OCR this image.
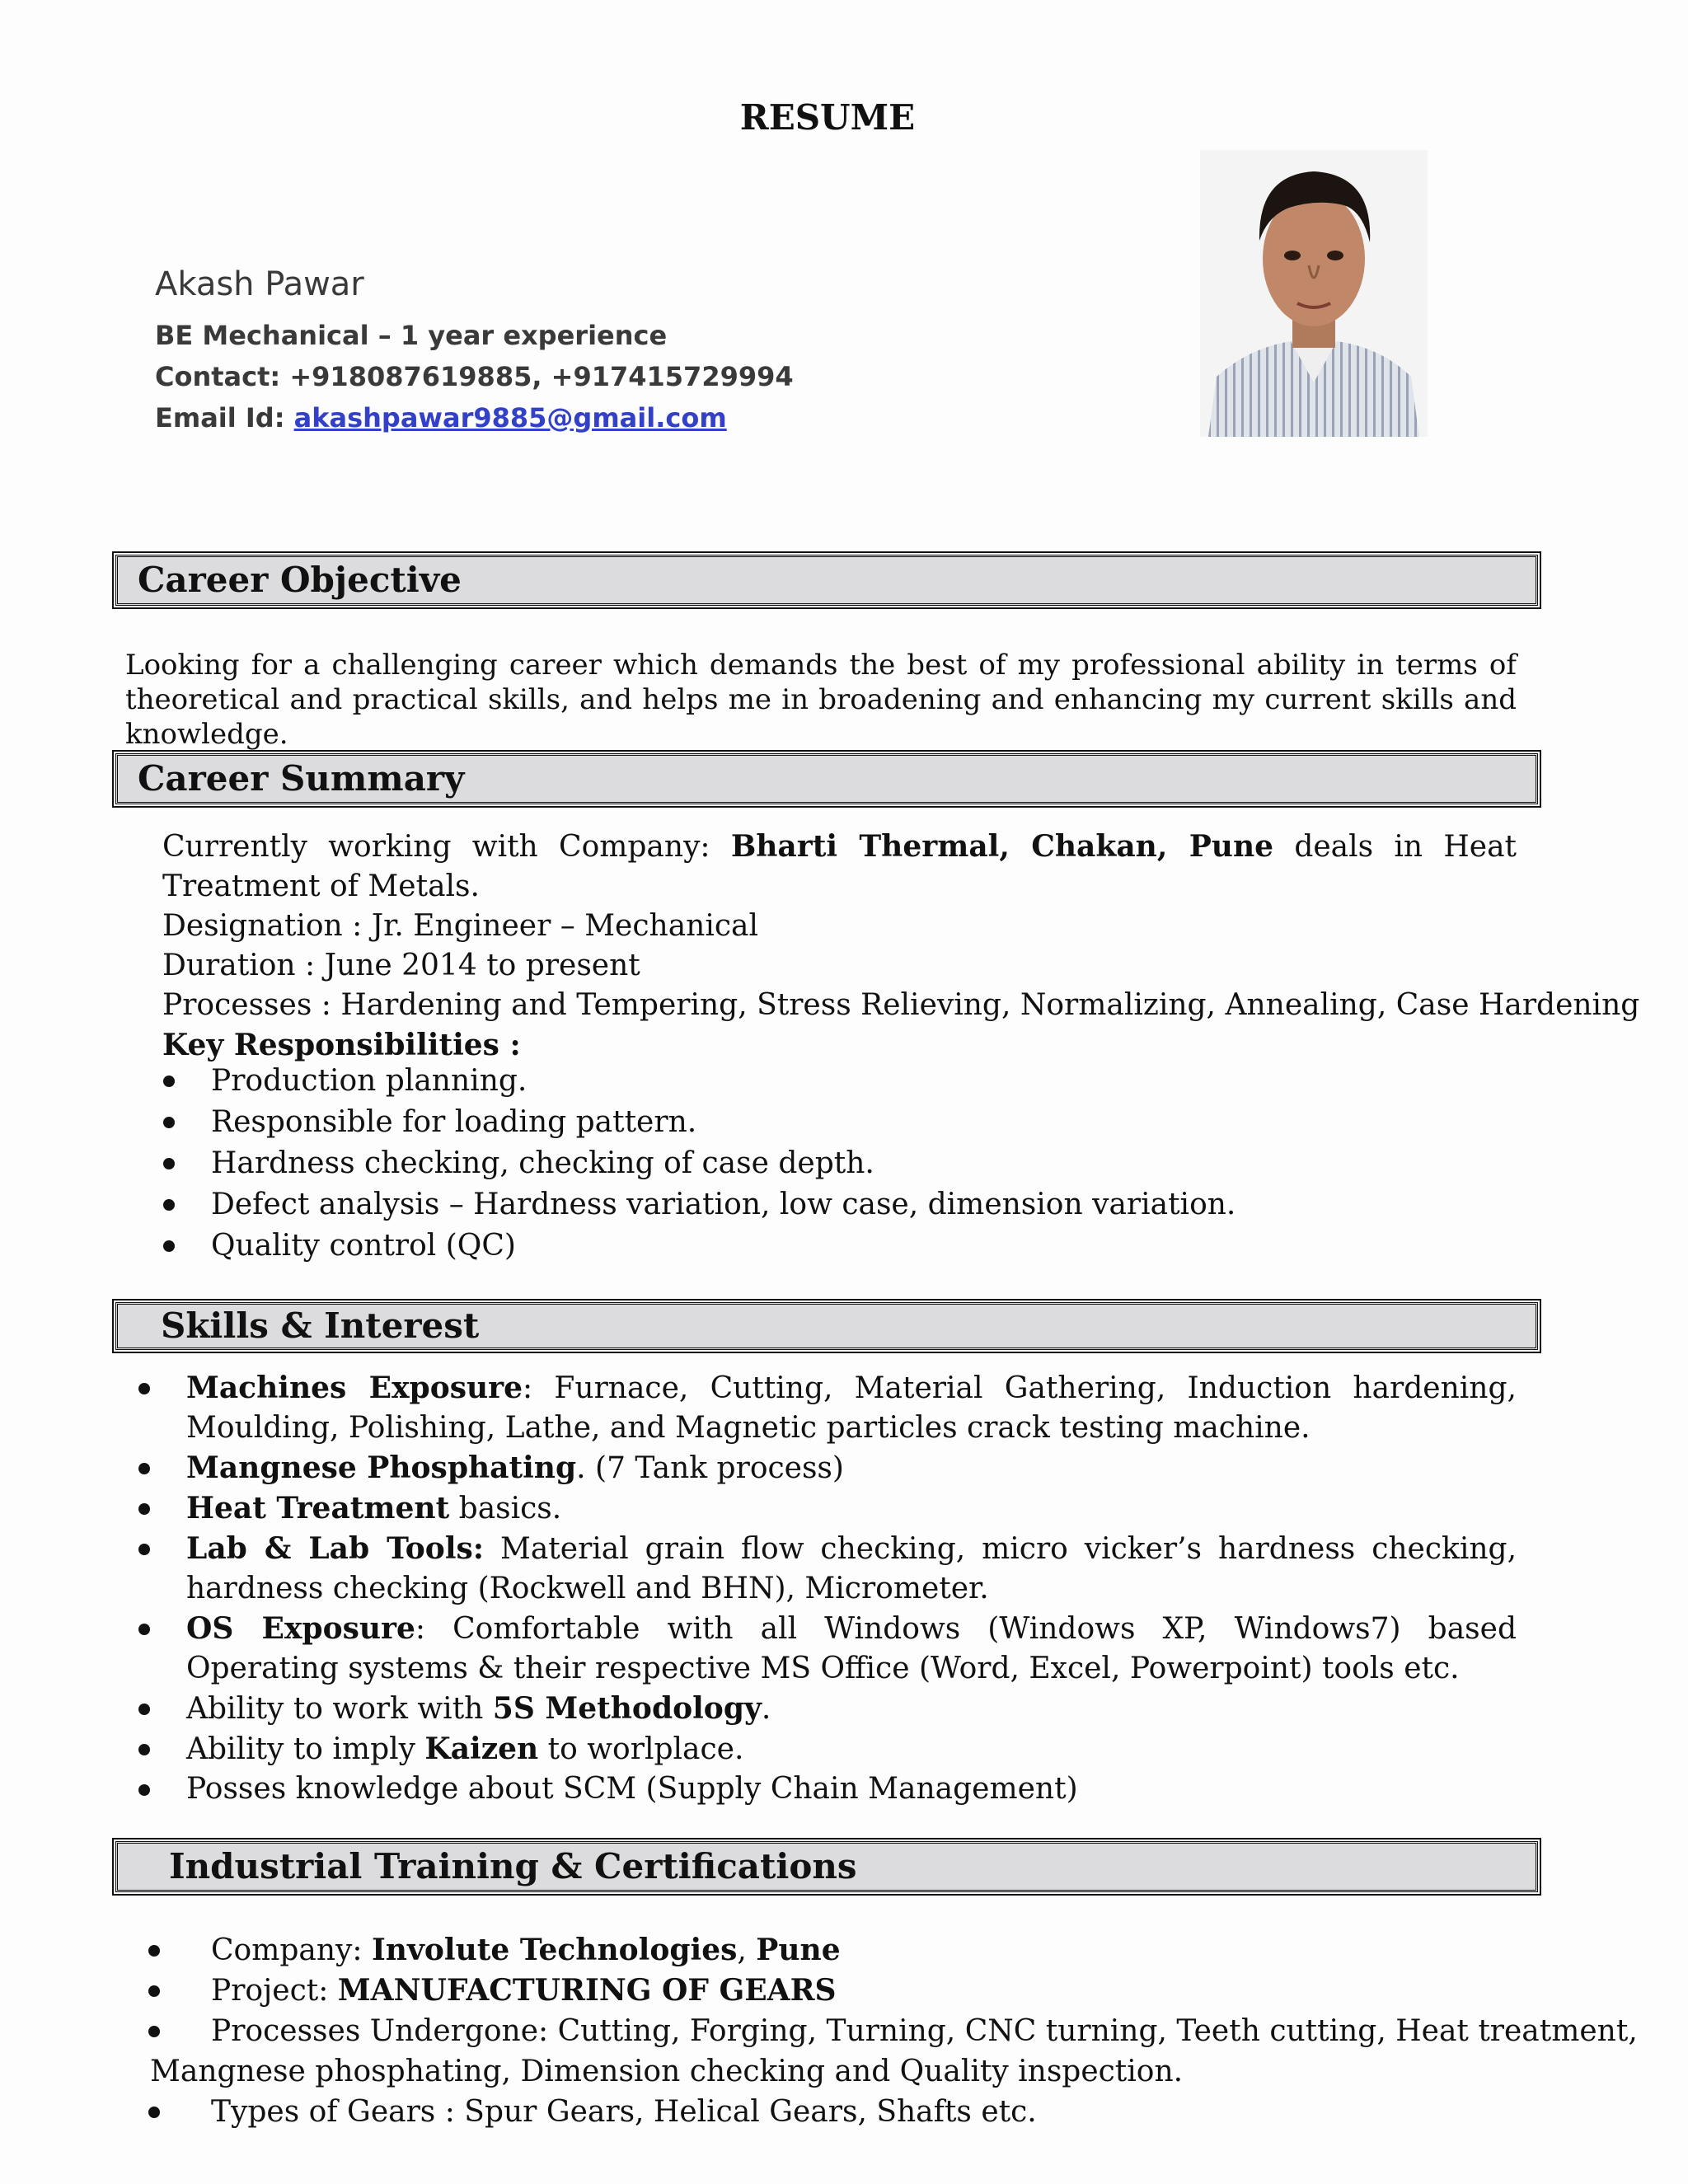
RESUME
Akash Pawar
BE Mechanical – 1 year experience
Contact: +918087619885, +917415729994
Email Id: akashpawar9885@gmail.com
Career Objective
Looking for a challenging career which demands the best of my professional ability in terms of theoretical and practical skills, and helps me in broadening and enhancing my current skills and knowledge.
Career Summary
Currently working with Company: Bharti Thermal, Chakan, Pune deals in Heat Treatment of Metals.
Designation : Jr. Engineer – Mechanical
Duration : June 2014 to present
Processes : Hardening and Tempering, Stress Relieving, Normalizing, Annealing, Case Hardening
Key Responsibilities :
Production planning.
Responsible for loading pattern.
Hardness checking, checking of case depth.
Defect analysis – Hardness variation, low case, dimension variation.
Quality control (QC)
Skills & Interest
Machines Exposure: Furnace, Cutting, Material Gathering, Induction hardening, Moulding, Polishing, Lathe, and Magnetic particles crack testing machine.
Mangnese Phosphating. (7 Tank process)
Heat Treatment basics.
Lab & Lab Tools: Material grain flow checking, micro vicker’s hardness checking, hardness checking (Rockwell and BHN), Micrometer.
OS Exposure: Comfortable with all Windows (Windows XP, Windows7) based Operating systems & their respective MS Office (Word, Excel, Powerpoint) tools etc.
Ability to work with 5S Methodology.
Ability to imply Kaizen to worlplace.
Posses knowledge about SCM (Supply Chain Management)
Industrial Training & Certifications
Company: Involute Technologies, Pune
Project: MANUFACTURING OF GEARS
Processes Undergone: Cutting, Forging, Turning, CNC turning, Teeth cutting, Heat treatment,
Mangnese phosphating, Dimension checking and Quality inspection.
Types of Gears : Spur Gears, Helical Gears, Shafts etc.
